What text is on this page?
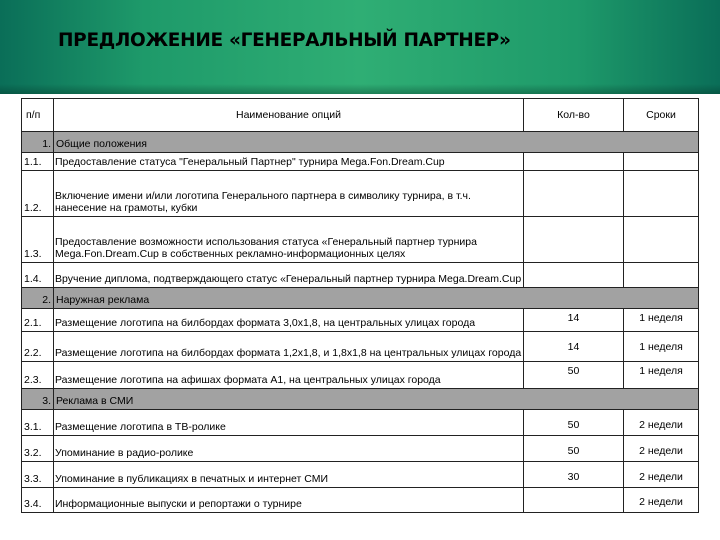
ПРЕДЛОЖЕНИЕ «ГЕНЕРАЛЬНЫЙ ПАРТНЕР»
п/п	Наименование опций	Кол-во	Сроки
1.	Общие положения		
1.1.	Предоставление статуса "Генеральный Партнер" турнира Mega.Fon.Dream.Cup		
1.2.	Включение имени и/или логотипа Генерального партнера в символику турнира, в т.ч. нанесение на грамоты, кубки		
1.3.	Предоставление возможности использования статуса «Генеральный партнер турнира Mega.Fon.Dream.Cup в собственных рекламно-информационных целях		
1.4.	Вручение диплома, подтверждающего статус «Генеральный партнер турнира Mega.Dream.Cup		
2.	Наружная реклама		
2.1.	Размещение логотипа на билбордах формата 3,0х1,8, на центральных улицах города	14	1 неделя
2.2.	Размещение логотипа на билбордах формата 1,2х1,8, и 1,8х1,8 на центральных улицах города	14	1 неделя
2.3.	Размещение логотипа на афишах формата А1, на центральных улицах города	50	1 неделя
3.	Реклама в СМИ		
3.1.	Размещение логотипа в ТВ-ролике	50	2 недели
3.2.	Упоминание в радио-ролике	50	2 недели
3.3.	Упоминание в публикациях в печатных и интернет СМИ	30	2 недели
3.4.	Информационные выпуски и репортажи о турнире		2 недели
